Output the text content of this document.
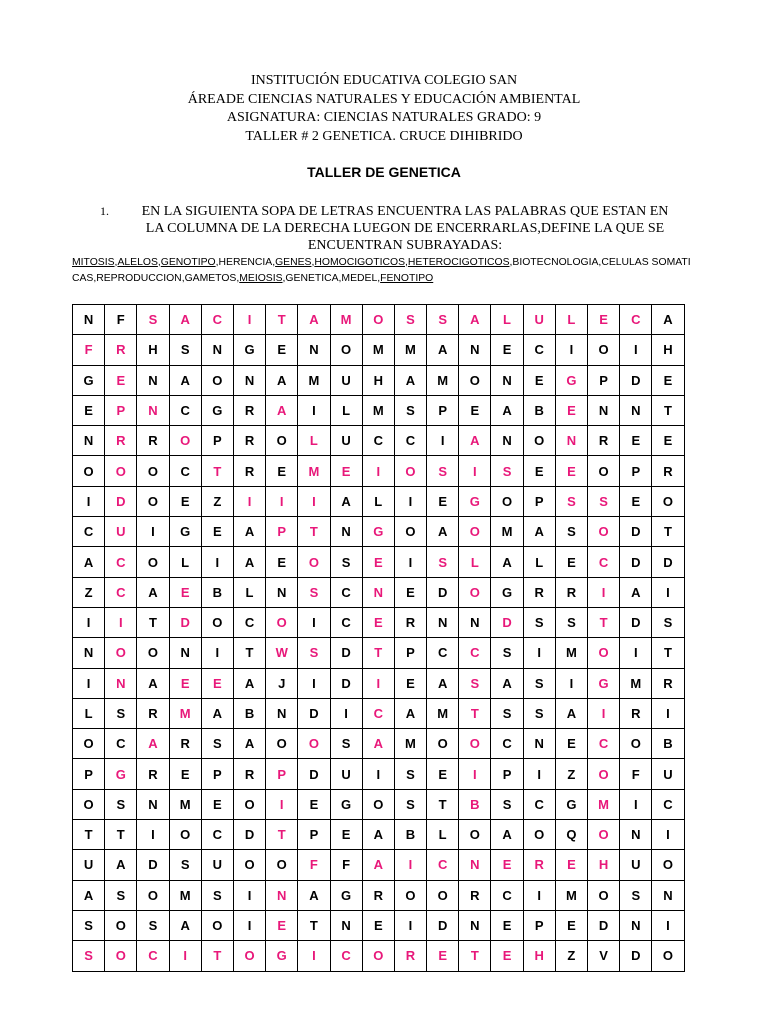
INSTITUCIÓN EDUCATIVA COLEGIO SAN
ÁREADE CIENCIAS NATURALES Y EDUCACIÓN AMBIENTAL
ASIGNATURA: CIENCIAS NATURALES GRADO: 9
TALLER # 2 GENETICA. CRUCE DIHIBRIDO
TALLER DE GENETICA
1.	EN LA SIGUIENTA SOPA DE LETRAS ENCUENTRA LAS PALABRAS QUE ESTAN EN
LA COLUMNA DE LA DERECHA LUEGON DE ENCERRARLAS,DEFINE LA QUE SE
ENCUENTRAN SUBRAYADAS:
MITOSIS,ALELOS,GENOTIPO,HERENCIA,GENES,HOMOCIGOTICOS,HETEROCIGOTICOS,BIOTECNOLOGIA,CELULAS SOMATICAS,REPRODUCCION,GAMETOS,MEIOSIS,GENETICA,MEDEL,FENOTIPO
N	F	S	A	C	I	T	A	M	O	S	S	A	L	U	L	E	C	A
F	R	H	S	N	G	E	N	O	M	M	A	N	E	C	I	O	I	H
G	E	N	A	O	N	A	M	U	H	A	M	O	N	E	G	P	D	E
E	P	N	C	G	R	A	I	L	M	S	P	E	A	B	E	N	N	T
N	R	R	O	P	R	O	L	U	C	C	I	A	N	O	N	R	E	E
O	O	O	C	T	R	E	M	E	I	O	S	I	S	E	E	O	P	R
I	D	O	E	Z	I	I	I	A	L	I	E	G	O	P	S	S	E	O
C	U	I	G	E	A	P	T	N	G	O	A	O	M	A	S	O	D	T
A	C	O	L	I	A	E	O	S	E	I	S	L	A	L	E	C	D	D
Z	C	A	E	B	L	N	S	C	N	E	D	O	G	R	R	I	A	I
I	I	T	D	O	C	O	I	C	E	R	N	N	D	S	S	T	D	S
N	O	O	N	I	T	W	S	D	T	P	C	C	S	I	M	O	I	T
I	N	A	E	E	A	J	I	D	I	E	A	S	A	S	I	G	M	R
L	S	R	M	A	B	N	D	I	C	A	M	T	S	S	A	I	R	I
O	C	A	R	S	A	O	O	S	A	M	O	O	C	N	E	C	O	B
P	G	R	E	P	R	P	D	U	I	S	E	I	P	I	Z	O	F	U
O	S	N	M	E	O	I	E	G	O	S	T	B	S	C	G	M	I	C
T	T	I	O	C	D	T	P	E	A	B	L	O	A	O	Q	O	N	I
U	A	D	S	U	O	O	F	F	A	I	C	N	E	R	E	H	U	O
A	S	O	M	S	I	N	A	G	R	O	O	R	C	I	M	O	S	N
S	O	S	A	O	I	E	T	N	E	I	D	N	E	P	E	D	N	I
S	O	C	I	T	O	G	I	C	O	R	E	T	E	H	Z	V	D	O
